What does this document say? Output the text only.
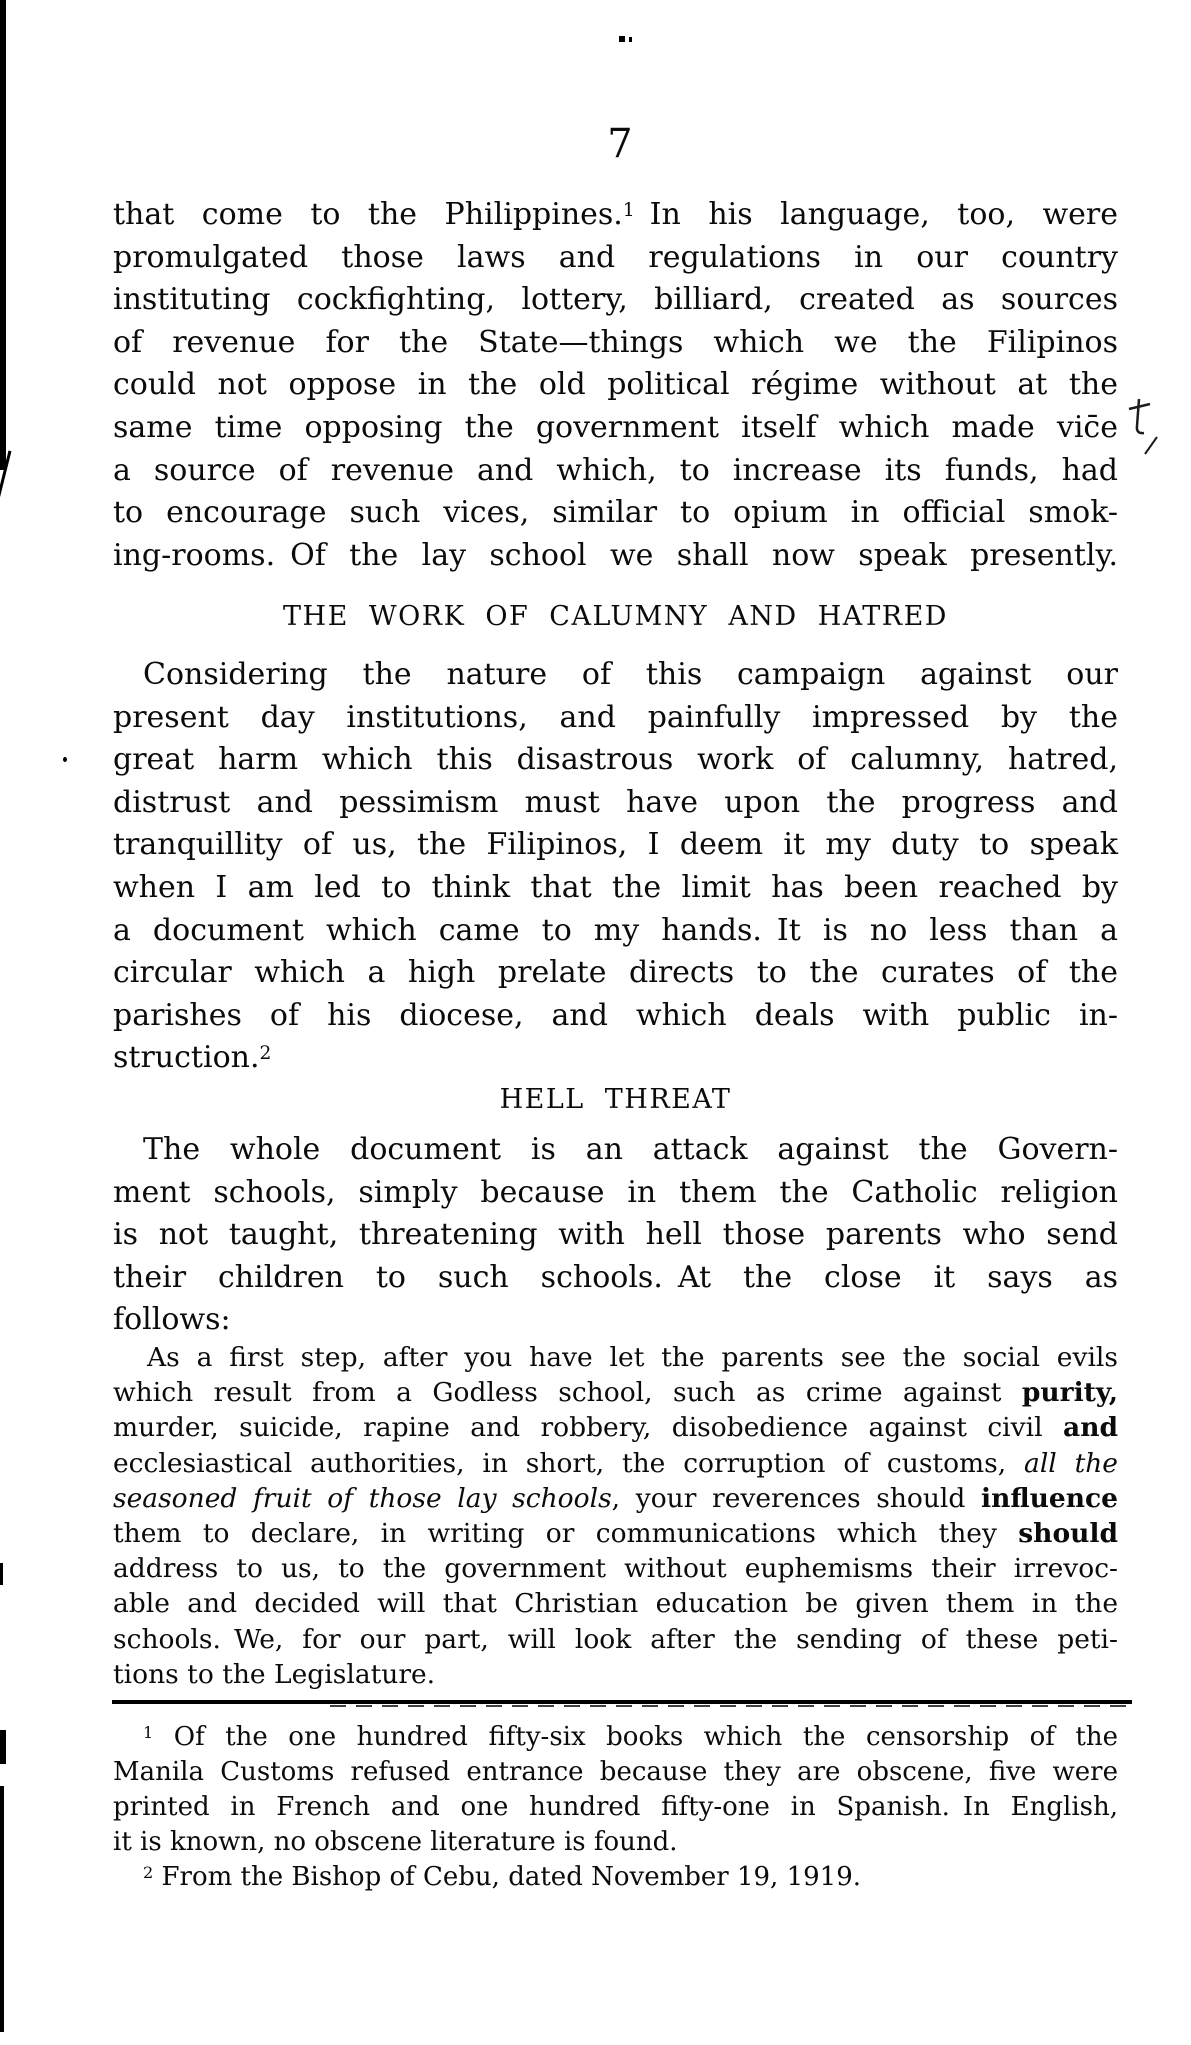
7
that come to the Philippines.$^1$ In his language, too, were
promulgated those laws and regulations in our country
instituting cockfighting, lottery, billiard, created as sources
of revenue for the State—things which we the Filipinos
could not oppose in the old political régime without at the
same time opposing the government itself which made vic̄e
a source of revenue and which, to increase its funds, had
to encourage such vices, similar to opium in official smok-
ing-rooms. Of the lay school we shall now speak presently.
THE WORK OF CALUMNY AND HATRED
Considering the nature of this campaign against our
present day institutions, and painfully impressed by the
great harm which this disastrous work of calumny, hatred,
distrust and pessimism must have upon the progress and
tranquillity of us, the Filipinos, I deem it my duty to speak
when I am led to think that the limit has been reached by
a document which came to my hands. It is no less than a
circular which a high prelate directs to the curates of the
parishes of his diocese, and which deals with public in-
struction.$^2$
HELL THREAT
The whole document is an attack against the Govern-
ment schools, simply because in them the Catholic religion
is not taught, threatening with hell those parents who send
their children to such schools. At the close it says as
follows:
As a first step, after you have let the parents see the social evils
which result from a Godless school, such as crime against purity,
murder, suicide, rapine and robbery, disobedience against civil and
ecclesiastical authorities, in short, the corruption of customs, all the
seasoned fruit of those lay schools, your reverences should influence
them to declare, in writing or communications which they should
address to us, to the government without euphemisms their irrevoc-
able and decided will that Christian education be given them in the
schools. We, for our part, will look after the sending of these peti-
tions to the Legislature.
$^1$ Of the one hundred fifty-six books which the censorship of the
Manila Customs refused entrance because they are obscene, five were
printed in French and one hundred fifty-one in Spanish. In English,
it is known, no obscene literature is found.
$^2$ From the Bishop of Cebu, dated November 19, 1919.
